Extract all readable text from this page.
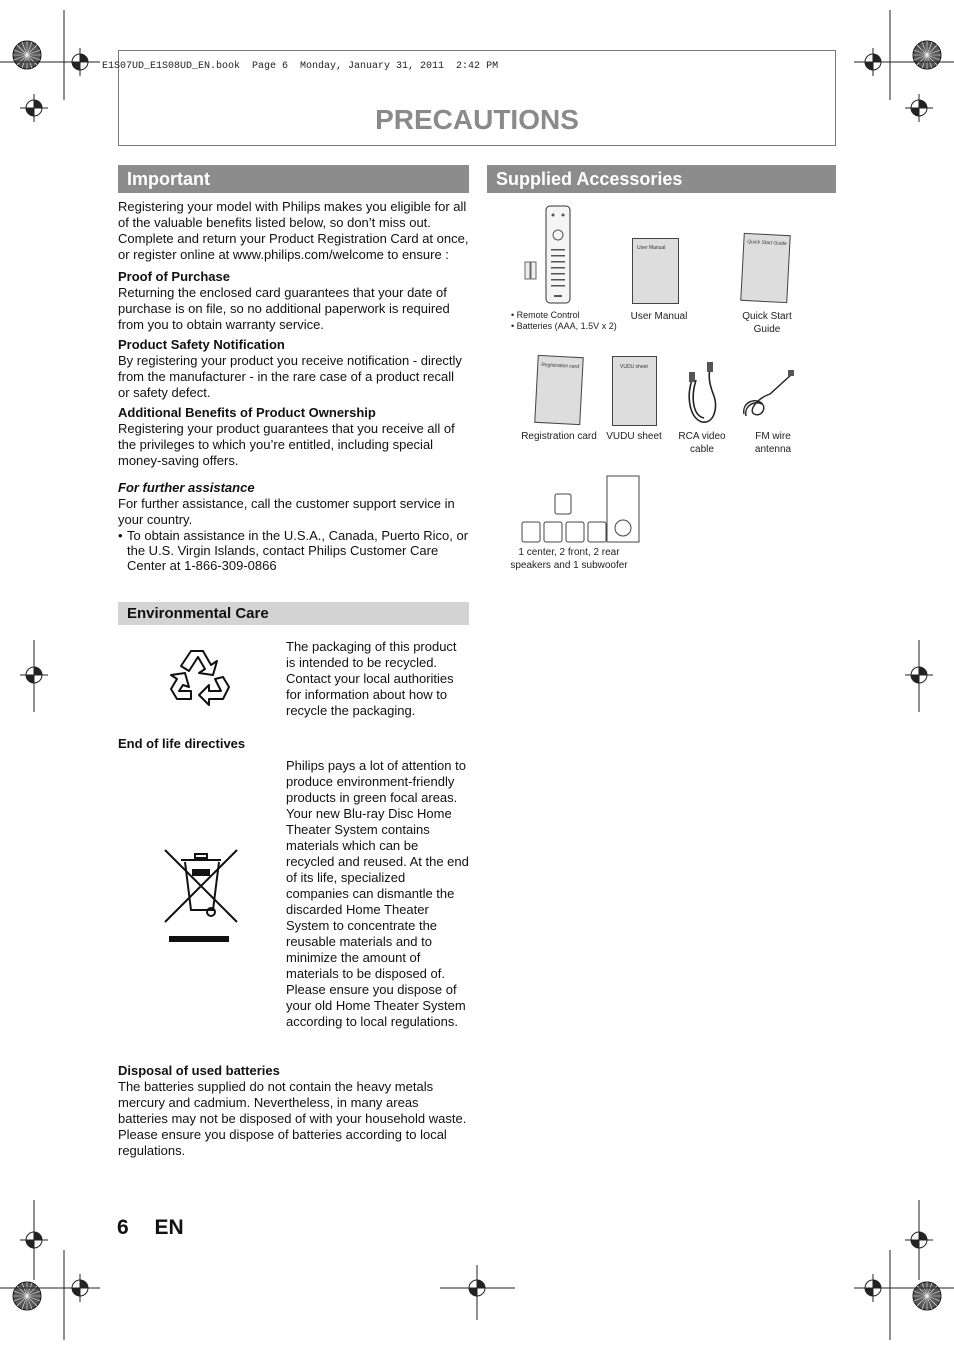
E1S07UD_E1S08UD_EN.book  Page 6  Monday, January 31, 2011  2:42 PM
PRECAUTIONS
Important
Registering your model with Philips makes you eligible for all of the valuable benefits listed below, so don’t miss out. Complete and return your Product Registration Card at once, or register online at www.philips.com/welcome to ensure :
Proof of Purchase
Returning the enclosed card guarantees that your date of purchase is on file, so no additional paperwork is required from you to obtain warranty service.
Product Safety Notification
By registering your product you receive notification - directly from the manufacturer - in the rare case of a product recall or safety defect.
Additional Benefits of Product Ownership
Registering your product guarantees that you receive all of the privileges to which you’re entitled, including special money-saving offers.
For further assistance
For further assistance, call the customer support service in your country.
• To obtain assistance in the U.S.A., Canada, Puerto Rico, or the U.S. Virgin Islands, contact Philips Customer Care Center at 1-866-309-0866
Environmental Care
The packaging of this product is intended to be recycled. Contact your local authorities for information about how to recycle the packaging.
End of life directives
Philips pays a lot of attention to produce environment-friendly products in green focal areas. Your new Blu-ray Disc Home Theater System contains materials which can be recycled and reused. At the end of its life, specialized companies can dismantle the discarded Home Theater System to concentrate the reusable materials and to minimize the amount of materials to be disposed of. Please ensure you dispose of your old Home Theater System according to local regulations.
Disposal of used batteries
The batteries supplied do not contain the heavy metals mercury and cadmium. Nevertheless, in many areas batteries may not be disposed of with your household waste. Please ensure you dispose of batteries according to local regulations.
Supplied Accessories
• Remote Control
• Batteries (AAA, 1.5V x 2)
User Manual
User Manual
Quick Start Guide
Quick Start
Guide
Registration card
Registration card
VUDU sheet
VUDU sheet	RCA video
cable
FM wire
antenna
1 center, 2 front, 2 rear
speakers and 1 subwoofer
6 EN
